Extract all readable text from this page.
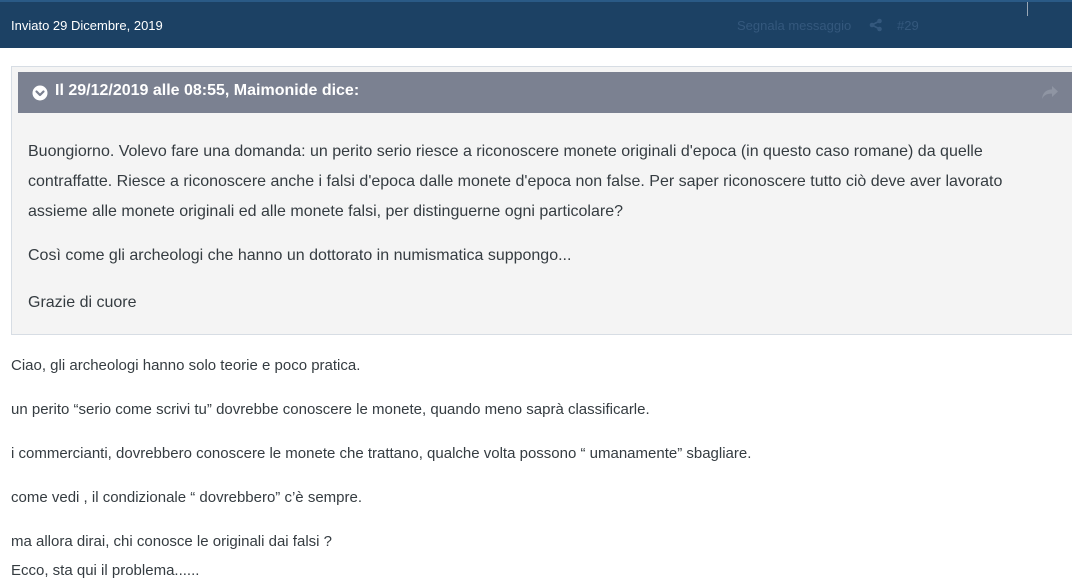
Inviato 29 Dicembre, 2019	Segnala messaggio	#29
Il 29/12/2019 alle 08:55, Maimonide dice:

Buongiorno. Volevo fare una domanda: un perito serio riesce a riconoscere monete originali d'epoca (in questo caso romane) da quelle contraffatte. Riesce a riconoscere anche i falsi d'epoca dalle monete d'epoca non false. Per saper riconoscere tutto ciò deve aver lavorato assieme alle monete originali ed alle monete falsi, per distinguerne ogni particolare?

Così come gli archeologi che hanno un dottorato in numismatica suppongo...

Grazie di cuore

Ciao, gli archeologi hanno solo teorie e poco pratica.

un perito “serio come scrivi tu” dovrebbe conoscere le monete, quando meno saprà classificarle.

i commercianti, dovrebbero conoscere le monete che trattano, qualche volta possono “ umanamente” sbagliare.

come vedi , il condizionale “ dovrebbero” c’è sempre.

ma allora dirai, chi conosce le originali dai falsi ?

Ecco, sta qui il problema......
